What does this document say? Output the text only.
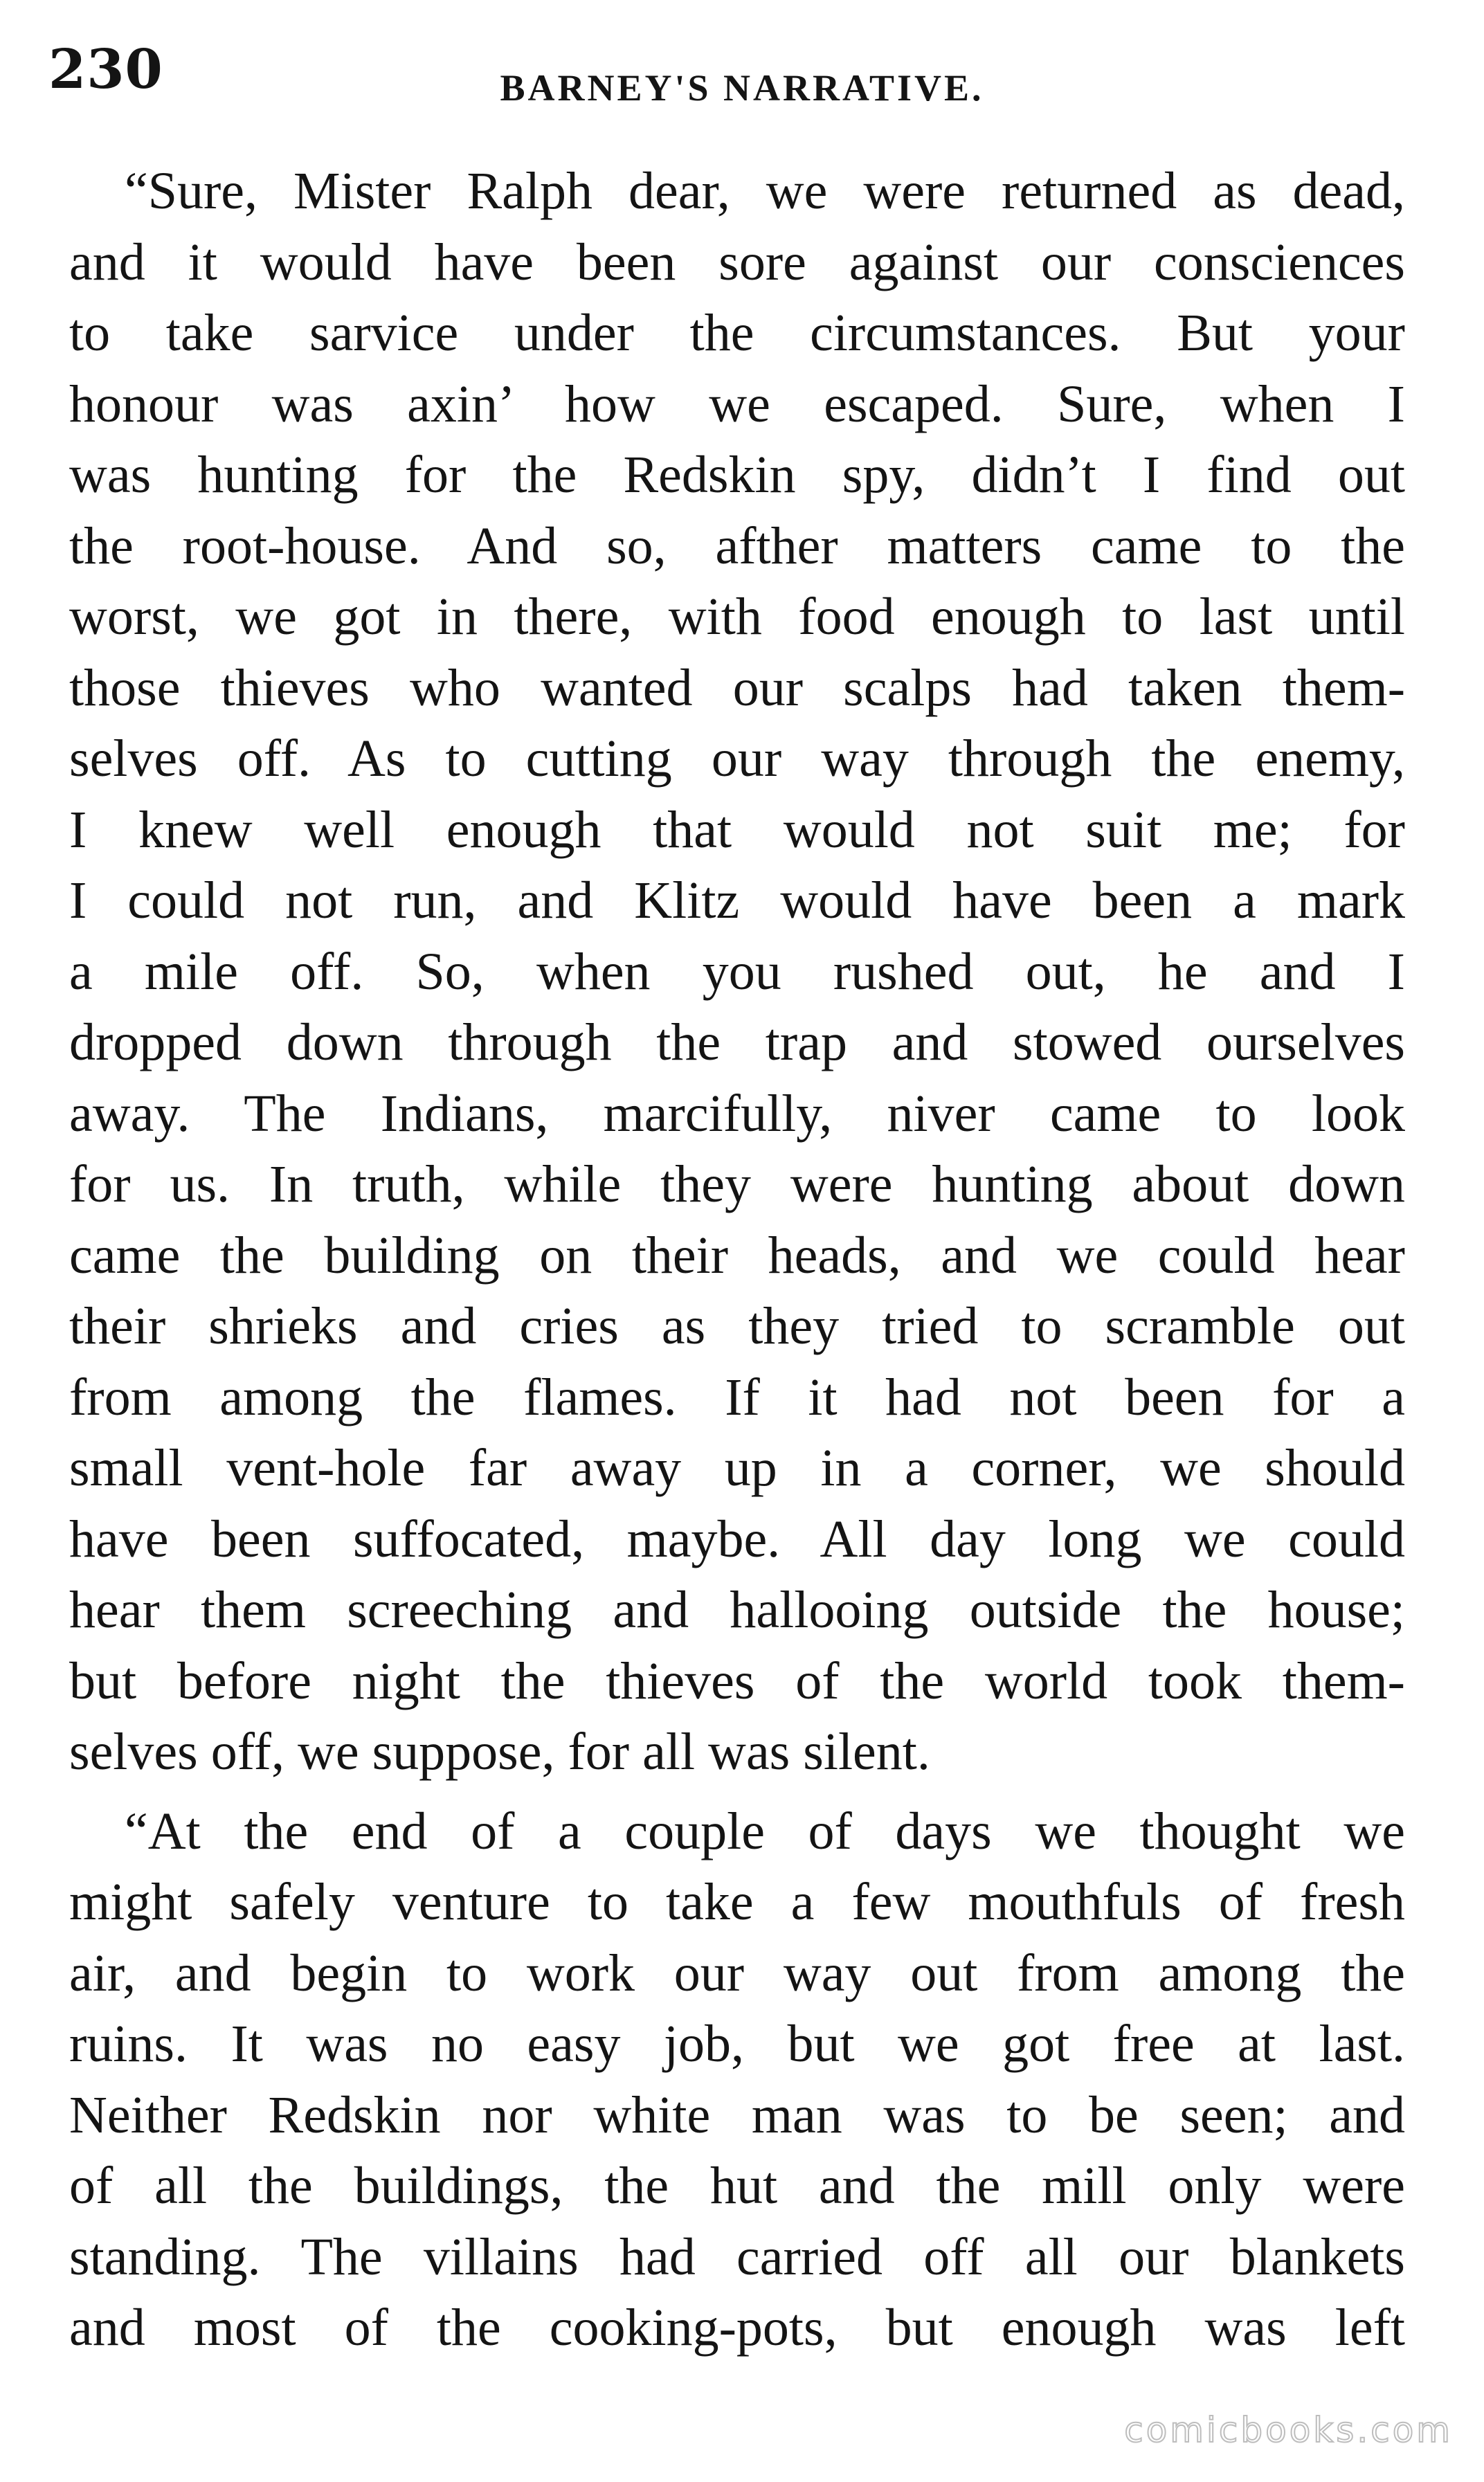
230	BARNEY'S NARRATIVE.
“Sure, Mister Ralph dear, we were returned as dead,
and it would have been sore against our consciences
to take sarvice under the circumstances. But your
honour was axin’ how we escaped. Sure, when I
was hunting for the Redskin spy, didn’t I find out
the root-house. And so, afther matters came to the
worst, we got in there, with food enough to last until
those thieves who wanted our scalps had taken them-
selves off. As to cutting our way through the enemy,
I knew well enough that would not suit me; for
I could not run, and Klitz would have been a mark
a mile off. So, when you rushed out, he and I
dropped down through the trap and stowed ourselves
away. The Indians, marcifully, niver came to look
for us. In truth, while they were hunting about down
came the building on their heads, and we could hear
their shrieks and cries as they tried to scramble out
from among the flames. If it had not been for a
small vent-hole far away up in a corner, we should
have been suffocated, maybe. All day long we could
hear them screeching and hallooing outside the house;
but before night the thieves of the world took them-
selves off, we suppose, for all was silent.
“At the end of a couple of days we thought we
might safely venture to take a few mouthfuls of fresh
air, and begin to work our way out from among the
ruins. It was no easy job, but we got free at last.
Neither Redskin nor white man was to be seen; and
of all the buildings, the hut and the mill only were
standing. The villains had carried off all our blankets
and most of the cooking-pots, but enough was left
comicbooks.com
